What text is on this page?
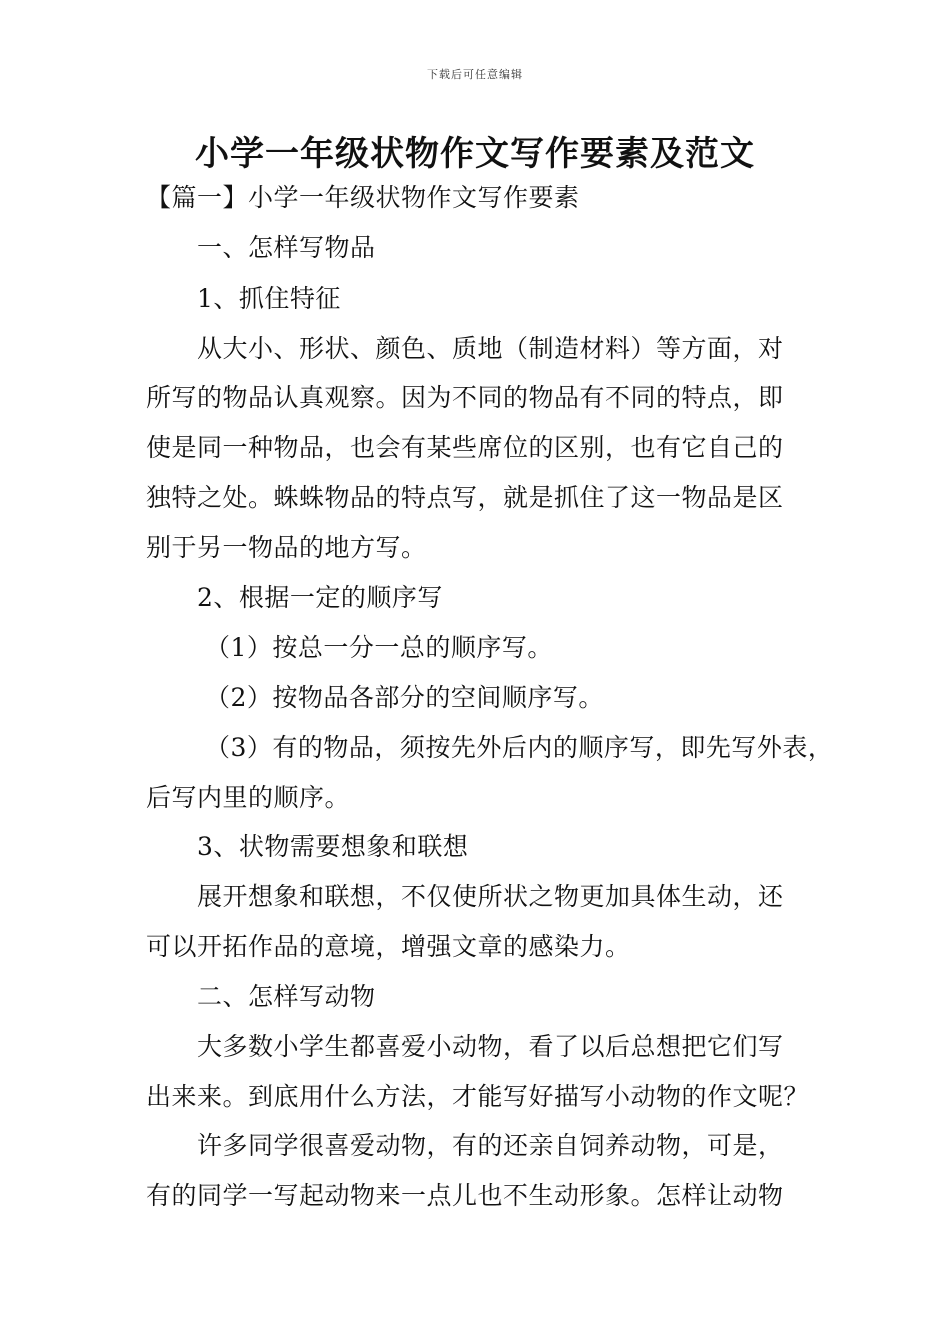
下载后可任意编辑
小学一年级状物作文写作要素及范文
【篇一】小学一年级状物作文写作要素
一、怎样写物品
1、抓住特征
从大小、形状、颜色、质地（制造材料）等方面，对
所写的物品认真观察。因为不同的物品有不同的特点，即
使是同一种物品，也会有某些席位的区别，也有它自己的
独特之处。蛛蛛物品的特点写，就是抓住了这一物品是区
别于另一物品的地方写。
2、根据一定的顺序写
（1）按总一分一总的顺序写。
（2）按物品各部分的空间顺序写。
（3）有的物品，须按先外后内的顺序写，即先写外表，
后写内里的顺序。
3、状物需要想象和联想
展开想象和联想，不仅使所状之物更加具体生动，还
可以开拓作品的意境，增强文章的感染力。
二、怎样写动物
大多数小学生都喜爱小动物，看了以后总想把它们写
出来来。到底用什么方法，才能写好描写小动物的作文呢？
许多同学很喜爱动物，有的还亲自饲养动物，可是，
有的同学一写起动物来一点儿也不生动形象。怎样让动物
